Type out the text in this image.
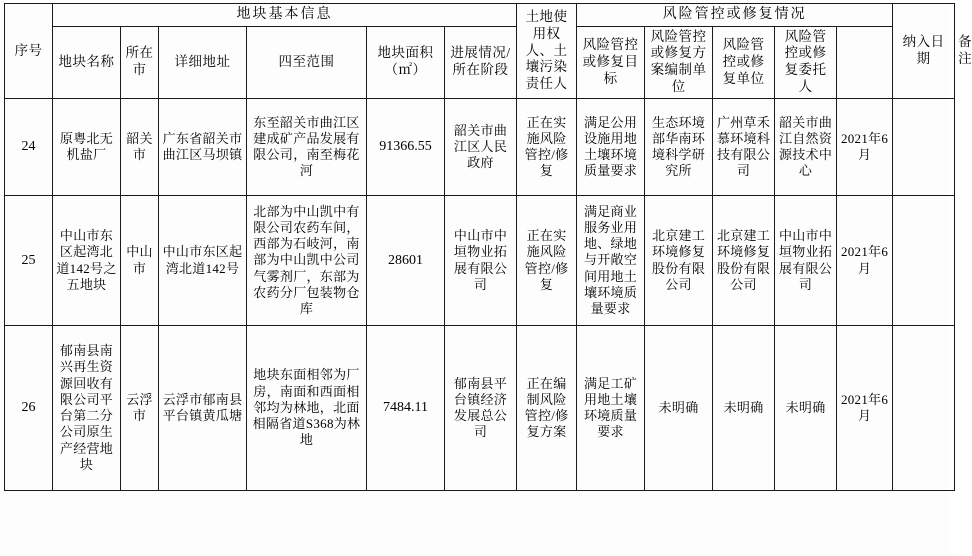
序号	地块基本信息						土地使用权人、土壤污染责任人	风险管控或修复情况					纳入日期	备注
	地块名称	所在市	详细地址	四至范围	地块面积（㎡）	进展情况/所在阶段		风险管控或修复目标	风险管控或修复方案编制单位	风险管控或修复单位	风险管控或修复委托人			
24	原粤北无机盐厂	韶关市	广东省韶关市曲江区马坝镇	东至韶关市曲江区建成矿产品发展有限公司，南至梅花河	91366.55	韶关市曲江区人民政府	正在实施风险管控/修复	满足公用设施用地土壤环境质量要求	生态环境部华南环境科学研究所	广州草禾慕环境科技有限公司	韶关市曲江自然资源技术中心	2021年6月		
25	中山市东区起湾北道142号之五地块	中山市	中山市东区起湾北道142号	北部为中山凯中有限公司农药车间，西部为石岐河，南部为中山凯中公司气雾剂厂，东部为农药分厂包装物仓库	28601	中山市中垣物业拓展有限公司	正在实施风险管控/修复	满足商业服务业用地、绿地与开敞空间用地土壤环境质量要求	北京建工环境修复股份有限公司	北京建工环境修复股份有限公司	中山市中垣物业拓展有限公司	2021年6月		
26	郁南县南兴再生资源回收有限公司平台第二分公司原生产经营地块	云浮市	云浮市郁南县平台镇黄瓜塘	地块东面相邻为厂房，南面和西面相邻均为林地，北面相隔省道S368为林地	7484.11	郁南县平台镇经济发展总公司	正在编制风险管控/修复方案	满足工矿用地土壤环境质量要求	未明确	未明确	未明确	2021年6月		
